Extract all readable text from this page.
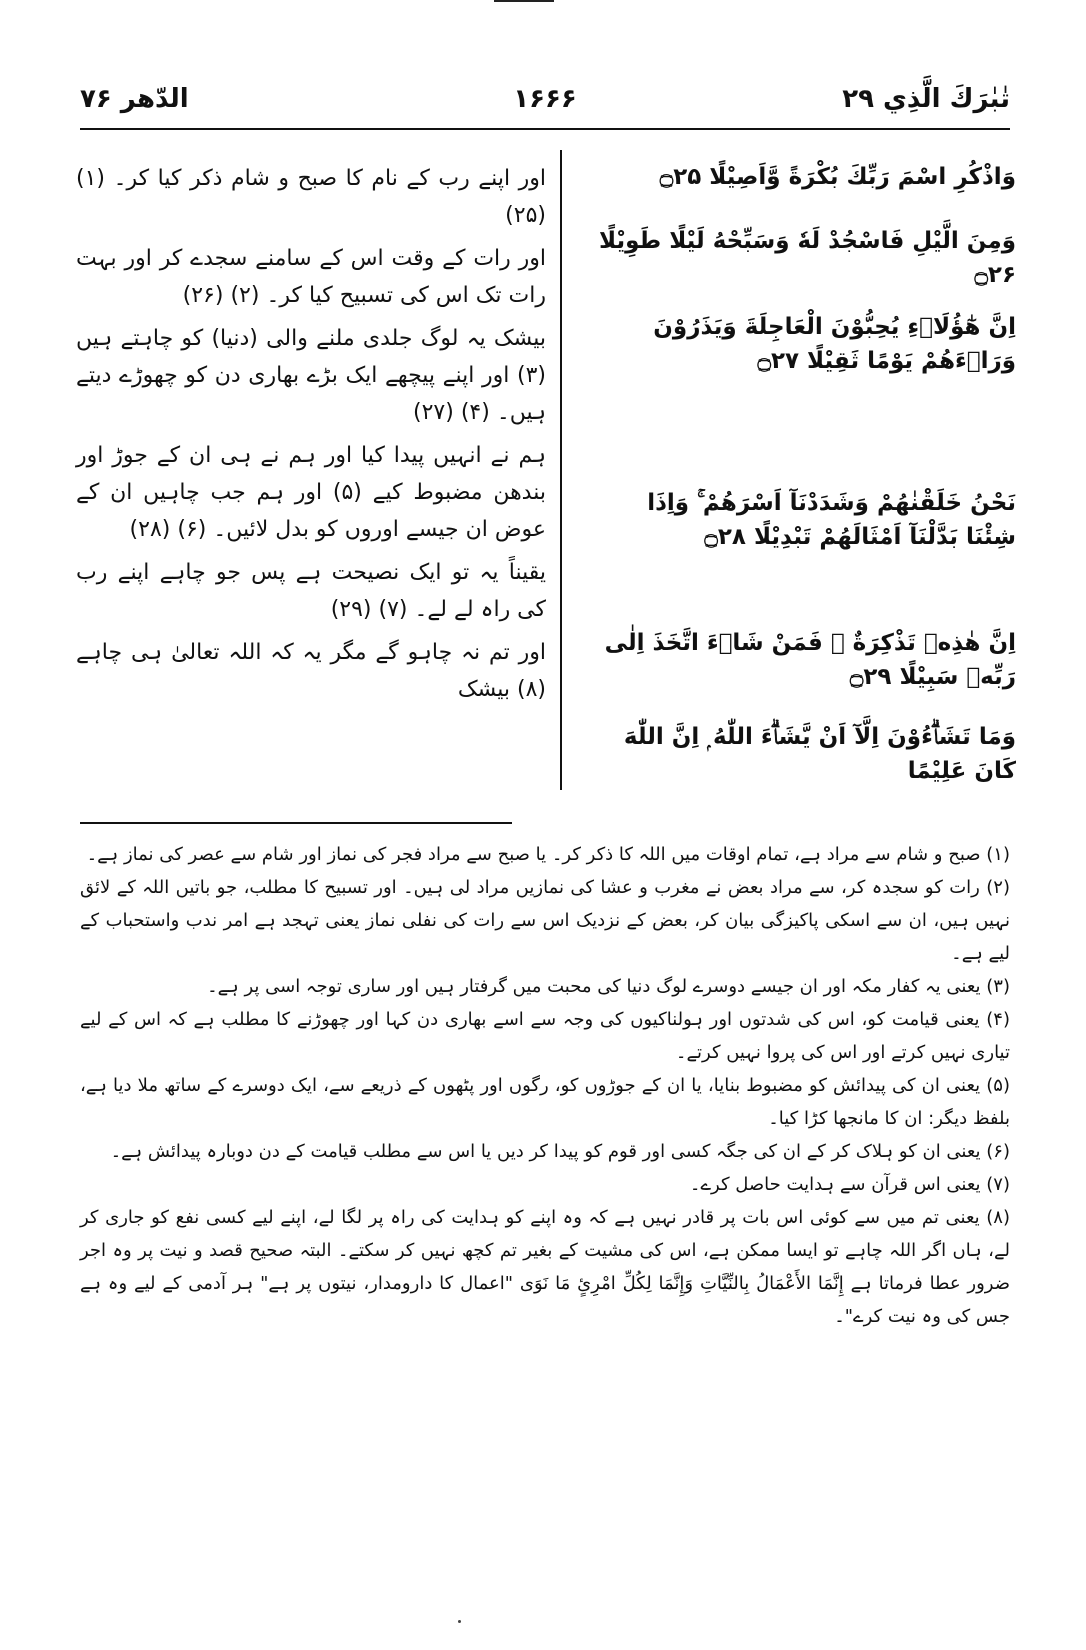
الدّھر ۷۶	۱۶۶۶	تٰبٰرَكَ الَّذِي ۲۹
وَاذْكُرِ اسْمَ رَبِّكَ بُكْرَةً وَّاَصِيْلًا ۝۲۵
وَمِنَ الَّيْلِ فَاسْجُدْ لَهٗ وَسَبِّحْهُ لَيْلًا طَوِيْلًا ۝۲۶
اِنَّ هٰٓؤُلَاۗءِ يُحِبُّوْنَ الْعَاجِلَةَ وَيَذَرُوْنَ وَرَاۗءَهُمْ يَوْمًا ثَقِيْلًا ۝۲۷
نَحْنُ خَلَقْنٰهُمْ وَشَدَدْنَآ اَسْرَهُمْ ۚ وَاِذَا شِئْنَا بَدَّلْنَآ اَمْثَالَهُمْ تَبْدِيْلًا ۝۲۸
اِنَّ هٰذِهٖ تَذْكِرَةٌ ۚ فَمَنْ شَاۗءَ اتَّخَذَ اِلٰى رَبِّهٖ سَبِيْلًا ۝۲۹
وَمَا تَشَاۗءُوْنَ اِلَّآ اَنْ يَّشَاۗءَ اللّٰهُ ۭ اِنَّ اللّٰهَ كَانَ عَلِيْمًا

اور اپنے رب کے نام کا صبح و شام ذکر کیا کر۔ (۱) (۲۵)

اور رات کے وقت اس کے سامنے سجدے کر اور بہت رات تک اس کی تسبیح کیا کر۔ (۲) (۲۶)

بیشک یہ لوگ جلدی ملنے والی (دنیا) کو چاہتے ہیں (۳) اور اپنے پیچھے ایک بڑے بھاری دن کو چھوڑے دیتے ہیں۔ (۴) (۲۷)

ہم نے انہیں پیدا کیا اور ہم نے ہی ان کے جوڑ اور بندھن مضبوط کیے (۵) اور ہم جب چاہیں ان کے عوض ان جیسے اوروں کو بدل لائیں۔ (۶) (۲۸)

یقیناً یہ تو ایک نصیحت ہے پس جو چاہے اپنے رب کی راہ لے لے۔ (۷) (۲۹)

اور تم نہ چاہو گے مگر یہ کہ اللہ تعالیٰ ہی چاہے (۸) بیشک

(۱) صبح و شام سے مراد ہے، تمام اوقات میں اللہ کا ذکر کر۔ یا صبح سے مراد فجر کی نماز اور شام سے عصر کی نماز ہے۔

(۲) رات کو سجدہ کر، سے مراد بعض نے مغرب و عشا کی نمازیں مراد لی ہیں۔ اور تسبیح کا مطلب، جو باتیں اللہ کے لائق نہیں ہیں، ان سے اسکی پاکیزگی بیان کر، بعض کے نزدیک اس سے رات کی نفلی نماز یعنی تہجد ہے امر ندب واستحباب کے لیے ہے۔

(۳) یعنی یہ کفار مکہ اور ان جیسے دوسرے لوگ دنیا کی محبت میں گرفتار ہیں اور ساری توجہ اسی پر ہے۔

(۴) یعنی قیامت کو، اس کی شدتوں اور ہولناکیوں کی وجہ سے اسے بھاری دن کہا اور چھوڑنے کا مطلب ہے کہ اس کے لیے تیاری نہیں کرتے اور اس کی پروا نہیں کرتے۔

(۵) یعنی ان کی پیدائش کو مضبوط بنایا، یا ان کے جوڑوں کو، رگوں اور پٹھوں کے ذریعے سے، ایک دوسرے کے ساتھ ملا دیا ہے، بلفظ دیگر: ان کا مانجھا کڑا کیا۔

(۶) یعنی ان کو ہلاک کر کے ان کی جگہ کسی اور قوم کو پیدا کر دیں یا اس سے مطلب قیامت کے دن دوبارہ پیدائش ہے۔

(۷) یعنی اس قرآن سے ہدایت حاصل کرے۔

(۸) یعنی تم میں سے کوئی اس بات پر قادر نہیں ہے کہ وہ اپنے کو ہدایت کی راہ پر لگا لے، اپنے لیے کسی نفع کو جاری کر لے، ہاں اگر اللہ چاہے تو ایسا ممکن ہے، اس کی مشیت کے بغیر تم کچھ نہیں کر سکتے۔ البتہ صحیح قصد و نیت پر وہ اجر ضرور عطا فرماتا ہے إِنَّمَا الأَعْمَالُ بِالنِّيَّاتِ وَإِنَّمَا لِكُلِّ امْرِئٍ مَا نَوَى "اعمال کا دارومدار، نیتوں پر ہے" ہر آدمی کے لیے وہ ہے جس کی وہ نیت کرے"۔
